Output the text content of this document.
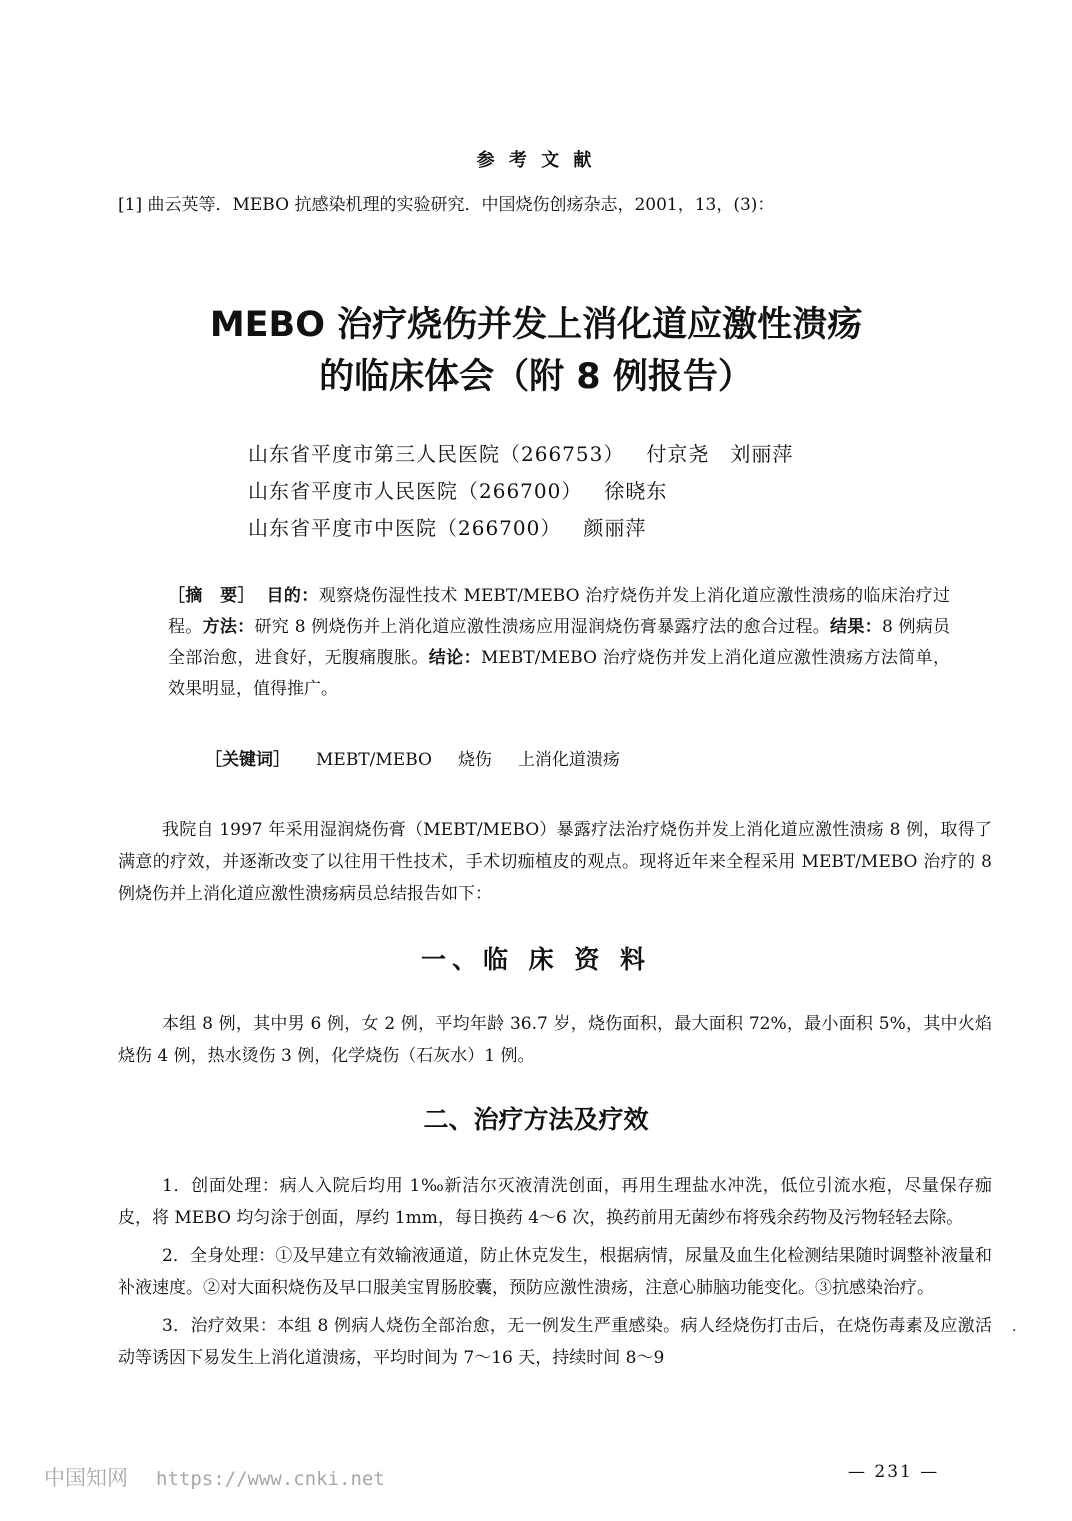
参 考 文 献
[1] 曲云英等．MEBO 抗感染机理的实验研究．中国烧伤创疡杂志，2001，13，(3)：
MEBO 治疗烧伤并发上消化道应激性溃疡
的临床体会（附 8 例报告）
山东省平度市第三人民医院（266753） 付京尧　刘丽萍
山东省平度市人民医院（266700） 徐晓东
山东省平度市中医院（266700） 颜丽萍
［摘　要］ 目的：观察烧伤湿性技术 MEBT/MEBO 治疗烧伤并发上消化道应激性溃疡的临床治疗过程。方法：研究 8 例烧伤并上消化道应激性溃疡应用湿润烧伤膏暴露疗法的愈合过程。结果：8 例病员全部治愈，进食好，无腹痛腹胀。结论：MEBT/MEBO 治疗烧伤并发上消化道应激性溃疡方法简单，效果明显，值得推广。
［关键词］ MEBT/MEBO 烧伤 上消化道溃疡
我院自 1997 年采用湿润烧伤膏（MEBT/MEBO）暴露疗法治疗烧伤并发上消化道应激性溃疡 8 例，取得了满意的疗效，并逐渐改变了以往用干性技术，手术切痂植皮的观点。现将近年来全程采用 MEBT/MEBO 治疗的 8 例烧伤并上消化道应激性溃疡病员总结报告如下：
一、临 床 资 料
本组 8 例，其中男 6 例，女 2 例，平均年龄 36.7 岁，烧伤面积，最大面积 72%，最小面积 5%，其中火焰烧伤 4 例，热水烫伤 3 例，化学烧伤（石灰水）1 例。
二、治疗方法及疗效

1．创面处理：病人入院后均用 1‰新洁尔灭液清洗创面，再用生理盐水冲洗，低位引流水疱，尽量保存痂皮，将 MEBO 均匀涂于创面，厚约 1mm，每日换药 4～6 次，换药前用无菌纱布将残余药物及污物轻轻去除。

2．全身处理：①及早建立有效输液通道，防止休克发生，根据病情，尿量及血生化检测结果随时调整补液量和补液速度。②对大面积烧伤及早口服美宝胃肠胶囊，预防应激性溃疡，注意心肺脑功能变化。③抗感染治疗。

3．治疗效果：本组 8 例病人烧伤全部治愈，无一例发生严重感染。病人经烧伤打击后，在烧伤毒素及应激活动等诱因下易发生上消化道溃疡，平均时间为 7～16 天，持续时间 8～9

·
— 231 —
中国知网 https://www.cnki.net
